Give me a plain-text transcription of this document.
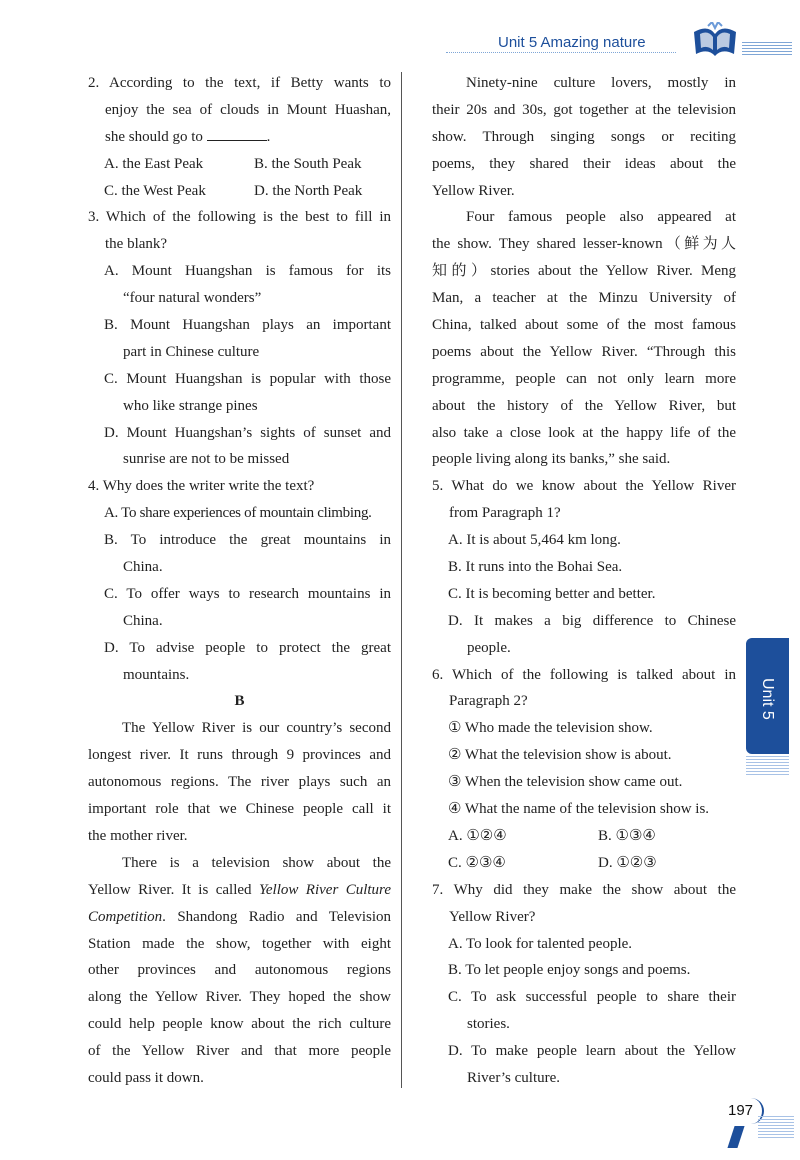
Unit 5 Amazing nature
2. According to the text, if Betty wants to
enjoy the sea of clouds in Mount Huashan,
she should go to	.
A. the East Peak	B. the South Peak
C. the West Peak	D. the North Peak
3. Which of the following is the best to fill in
the blank?
A. Mount Huangshan is famous for its
“four natural wonders”
B. Mount Huangshan plays an important
part in Chinese culture
C. Mount Huangshan is popular with those
who like strange pines
D. Mount Huangshan’s sights of sunset and
sunrise are not to be missed
4. Why does the writer write the text?
A. To share experiences of mountain climbing.
B. To introduce the great mountains in
China.
C. To offer ways to research mountains in
China.
D. To advise people to protect the great
mountains.
B
The Yellow River is our country’s second
longest river. It runs through 9 provinces and
autonomous regions. The river plays such an
important role that we Chinese people call it
the mother river.
There is a television show about the
Yellow River. It is called Yellow River Culture
Competition. Shandong Radio and Television
Station made the show, together with eight
other provinces and autonomous regions
along the Yellow River. They hoped the show
could help people know about the rich culture
of the Yellow River and that more people
could pass it down.
Ninety-nine culture lovers, mostly in
their 20s and 30s, got together at the television
show. Through singing songs or reciting
poems, they shared their ideas about the
Yellow River.
Four famous people also appeared at
the show. They shared lesser-known（鲜为人
知的）stories about the Yellow River. Meng
Man, a teacher at the Minzu University of
China, talked about some of the most famous
poems about the Yellow River. “Through this
programme, people can not only learn more
about the history of the Yellow River, but
also take a close look at the happy life of the
people living along its banks,” she said.
5. What do we know about the Yellow River
from Paragraph 1?
A. It is about 5,464 km long.
B. It runs into the Bohai Sea.
C. It is becoming better and better.
D. It makes a big difference to Chinese
people.
6. Which of the following is talked about in
Paragraph 2?
① Who made the television show.
② What the television show is about.
③ When the television show came out.
④ What the name of the television show is.
A. ①②④	B. ①③④
C. ②③④	D. ①②③
7. Why did they make the show about the
Yellow River?
A. To look for talented people.
B. To let people enjoy songs and poems.
C. To ask successful people to share their
stories.
D. To make people learn about the Yellow
River’s culture.
Unit 5
197
